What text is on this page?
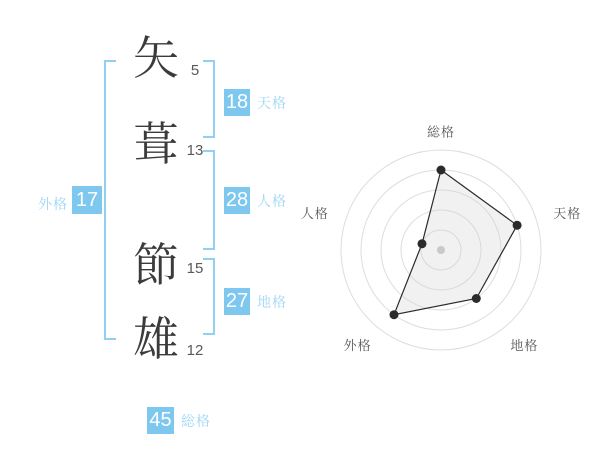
矢 5
葺 13
節 15
雄 12
18 天格
28 人格
27 地格
17
外格
45 総格
総格
天格
地格
外格
人格
